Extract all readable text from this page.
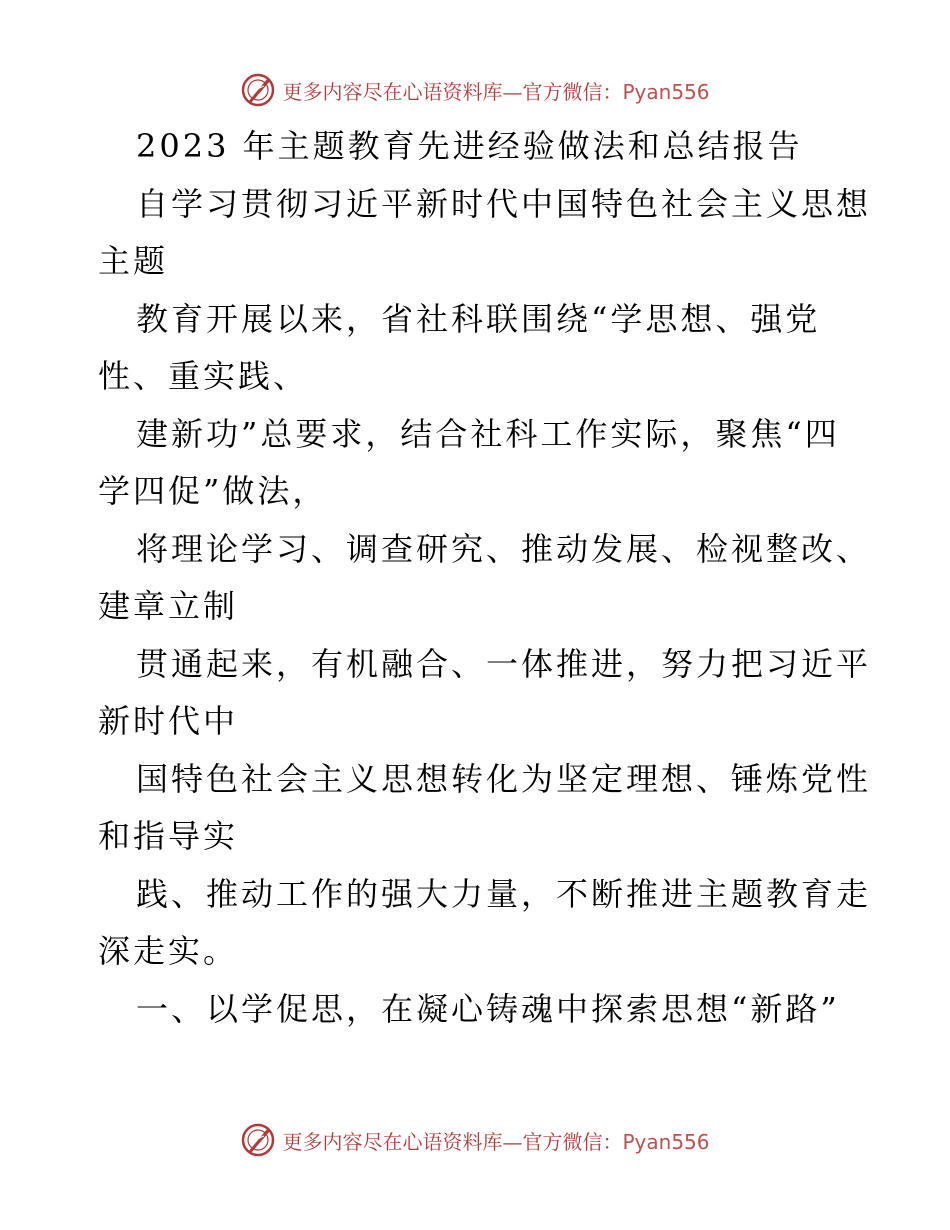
更多内容尽在心语资料库—官方微信：Pyan556
2023 年主题教育先进经验做法和总结报告
自学习贯彻习近平新时代中国特色社会主义思想
主题
教育开展以来，省社科联围绕“学思想、强党
性、重实践、
建新功”总要求，结合社科工作实际，聚焦“四
学四促”做法，
将理论学习、调查研究、推动发展、检视整改、
建章立制
贯通起来，有机融合、一体推进，努力把习近平
新时代中
国特色社会主义思想转化为坚定理想、锤炼党性
和指导实
践、推动工作的强大力量，不断推进主题教育走
深走实。
一、以学促思，在凝心铸魂中探索思想“新路”
更多内容尽在心语资料库—官方微信：Pyan556
